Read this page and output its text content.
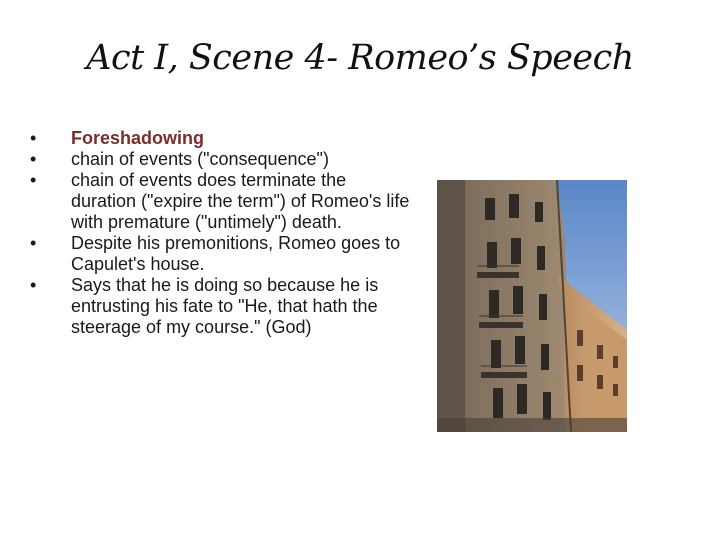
Act I, Scene 4- Romeo’s Speech
•	Foreshadowing
•	chain of events ("consequence")
•	chain of events does terminate the duration ("expire the term") of Romeo's life with premature ("untimely") death.
•	Despite his premonitions, Romeo goes to Capulet's house.
•	Says that he is doing so because he is entrusting his fate to "He, that hath the steerage of my course." (God)
